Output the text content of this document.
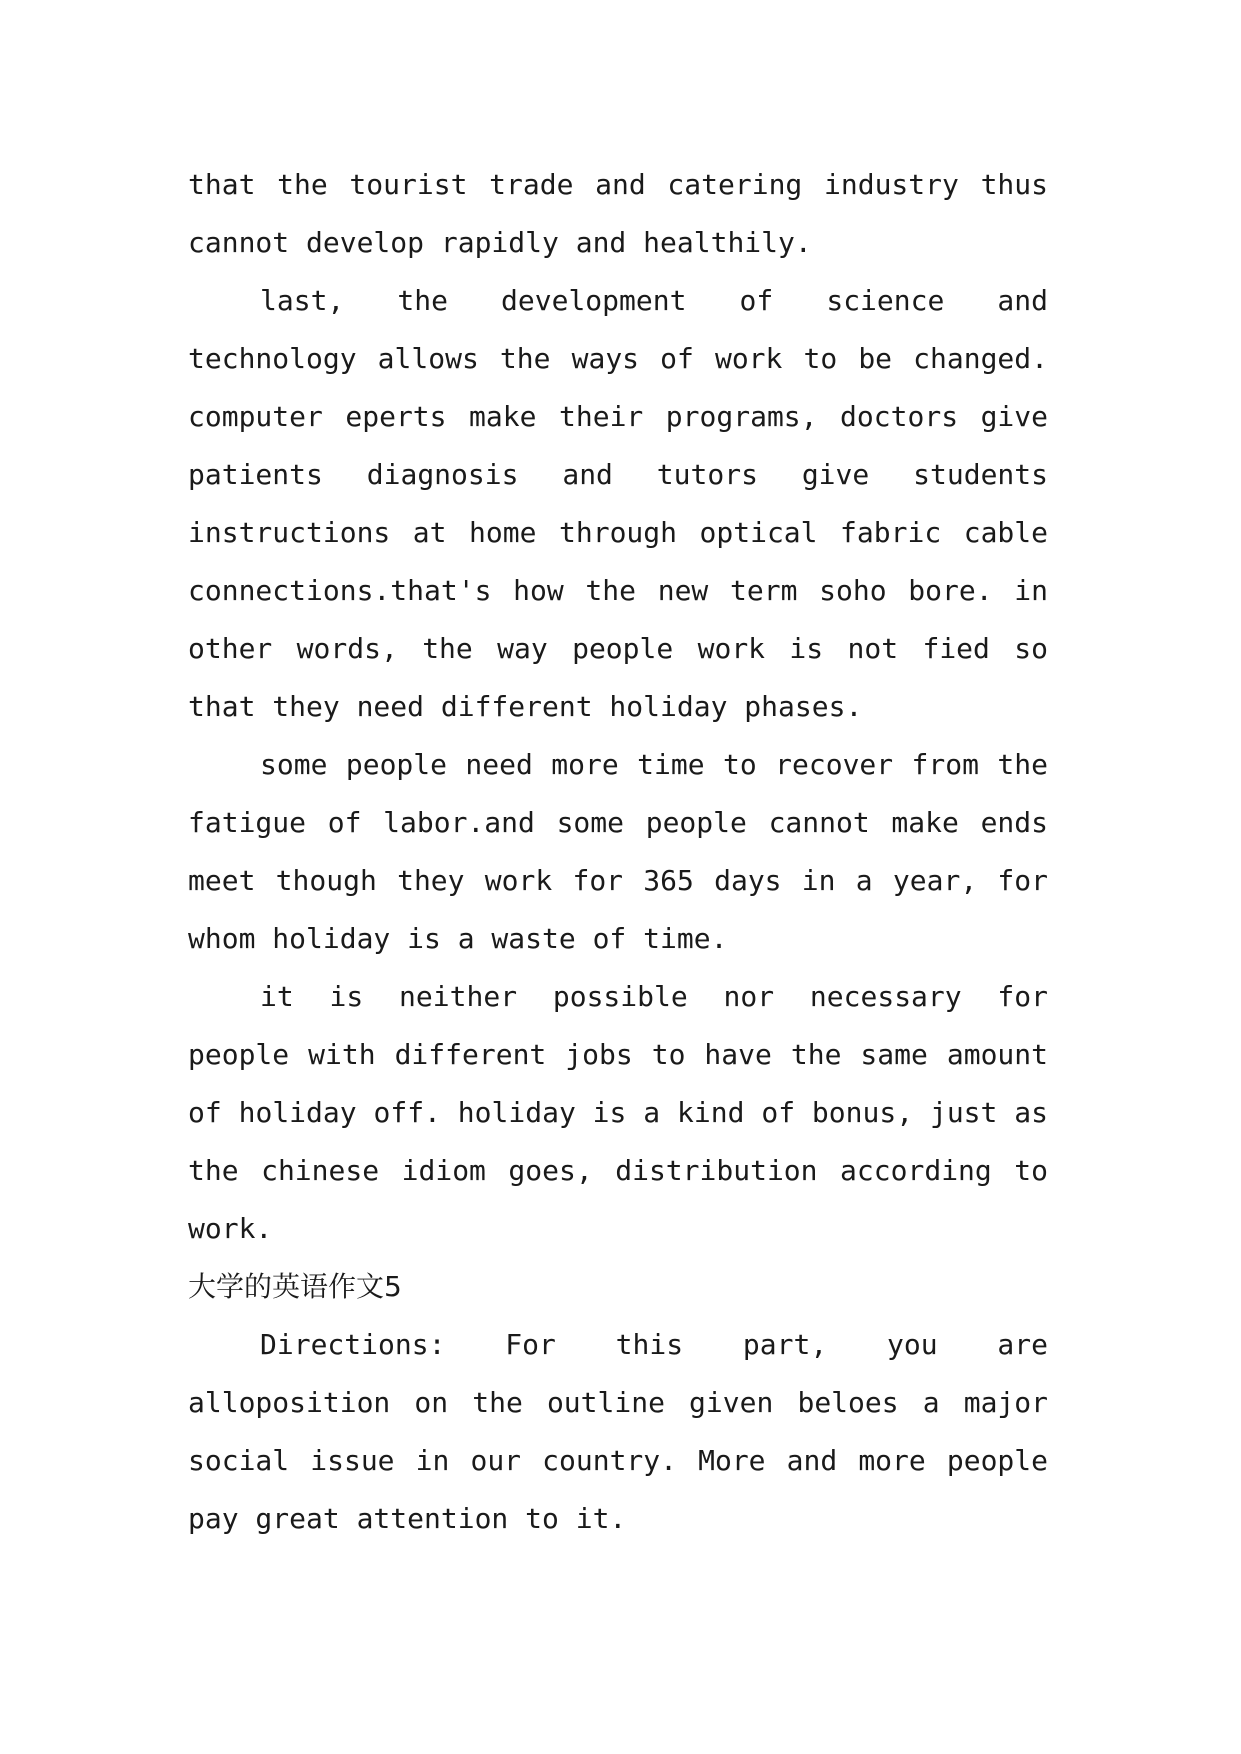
that the tourist trade and catering industry thus cannot develop rapidly and healthily.

last, the development of science and technology allows the ways of work to be changed. computer eperts make their programs, doctors give patients diagnosis and tutors give students instructions at home through optical fabric cable connections.that's how the new term soho bore. in other words, the way people work is not fied so that they need different holiday phases.

some people need more time to recover from the fatigue of labor.and some people cannot make ends meet though they work for 365 days in a year, for whom holiday is a waste of time.

it is neither possible nor necessary for people with different jobs to have the same amount of holiday off. holiday is a kind of bonus, just as the chinese idiom goes, distribution according to work.

大学的英语作文5

Directions: For this part, you are alloposition on the outline given beloes a major social issue in our country. More and more people pay great attention to it.
